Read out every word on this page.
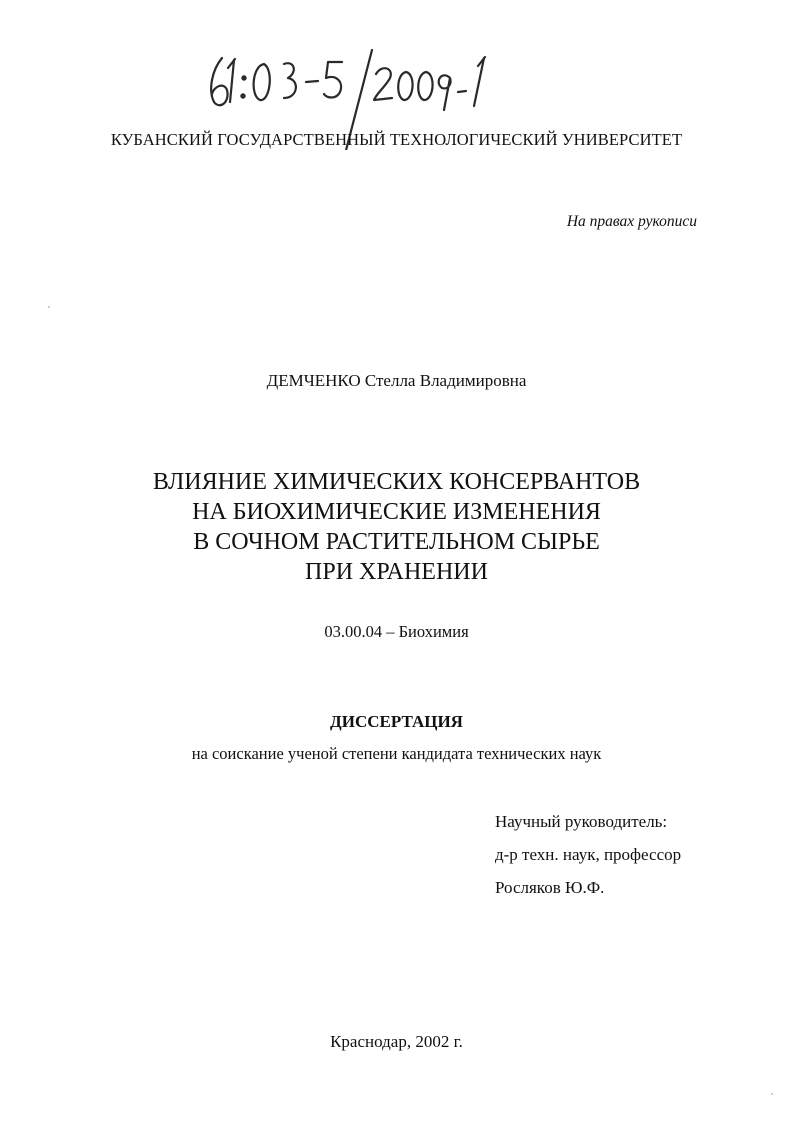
КУБАНСКИЙ ГОСУДАРСТВЕННЫЙ ТЕХНОЛОГИЧЕСКИЙ УНИВЕРСИТЕТ
На правах рукописи
ДЕМЧЕНКО Стелла Владимировна
ВЛИЯНИЕ ХИМИЧЕСКИХ КОНСЕРВАНТОВ
НА БИОХИМИЧЕСКИЕ ИЗМЕНЕНИЯ
В СОЧНОМ РАСТИТЕЛЬНОМ СЫРЬЕ
ПРИ ХРАНЕНИИ
03.00.04 – Биохимия
ДИССЕРТАЦИЯ
на соискание ученой степени кандидата технических наук
Научный руководитель:
д-р техн. наук, профессор
Росляков Ю.Ф.
Краснодар, 2002 г.
